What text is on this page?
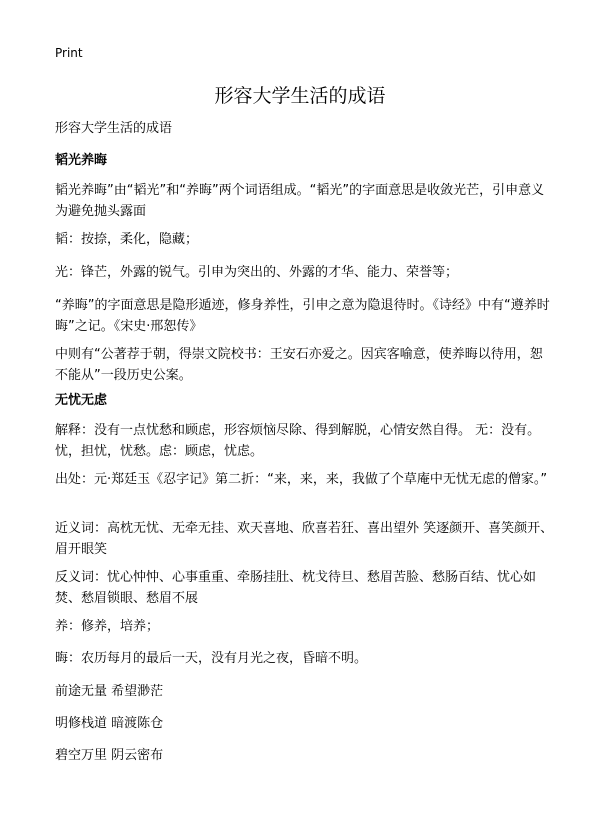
Print
形容大学生活的成语

形容大学生活的成语

韬光养晦

韬光养晦”由“韬光”和“养晦”两个词语组成。“韬光”的字面意思是收敛光芒，引申意义为避免抛头露面

韬：按捺，柔化，隐藏；

光：锋芒，外露的锐气。引申为突出的、外露的才华、能力、荣誉等；

“养晦”的字面意思是隐形遁迹，修身养性，引申之意为隐退待时。《诗经》中有“遵养时晦”之记。《宋史·邢恕传》

中则有“公著荐于朝，得崇文院校书：王安石亦爱之。因宾客喻意，使养晦以待用，恕不能从”一段历史公案。

无忧无虑

解释：没有一点忧愁和顾虑，形容烦恼尽除、得到解脱，心情安然自得。 无：没有。忧，担忧，忧愁。虑：顾虑，忧虑。

出处：元·郑廷玉《忍字记》第二折：“来，来，来，我做了个草庵中无忧无虑的僧家。”

近义词：高枕无忧、无牵无挂、欢天喜地、欣喜若狂、喜出望外 笑逐颜开、喜笑颜开、眉开眼笑

反义词：忧心忡忡、心事重重、牵肠挂肚、枕戈待旦、愁眉苦脸、愁肠百结、忧心如焚、愁眉锁眼、愁眉不展

养：修养，培养；

晦：农历每月的最后一天，没有月光之夜，昏暗不明。

前途无量 希望渺茫

明修栈道 暗渡陈仓

碧空万里 阴云密布
